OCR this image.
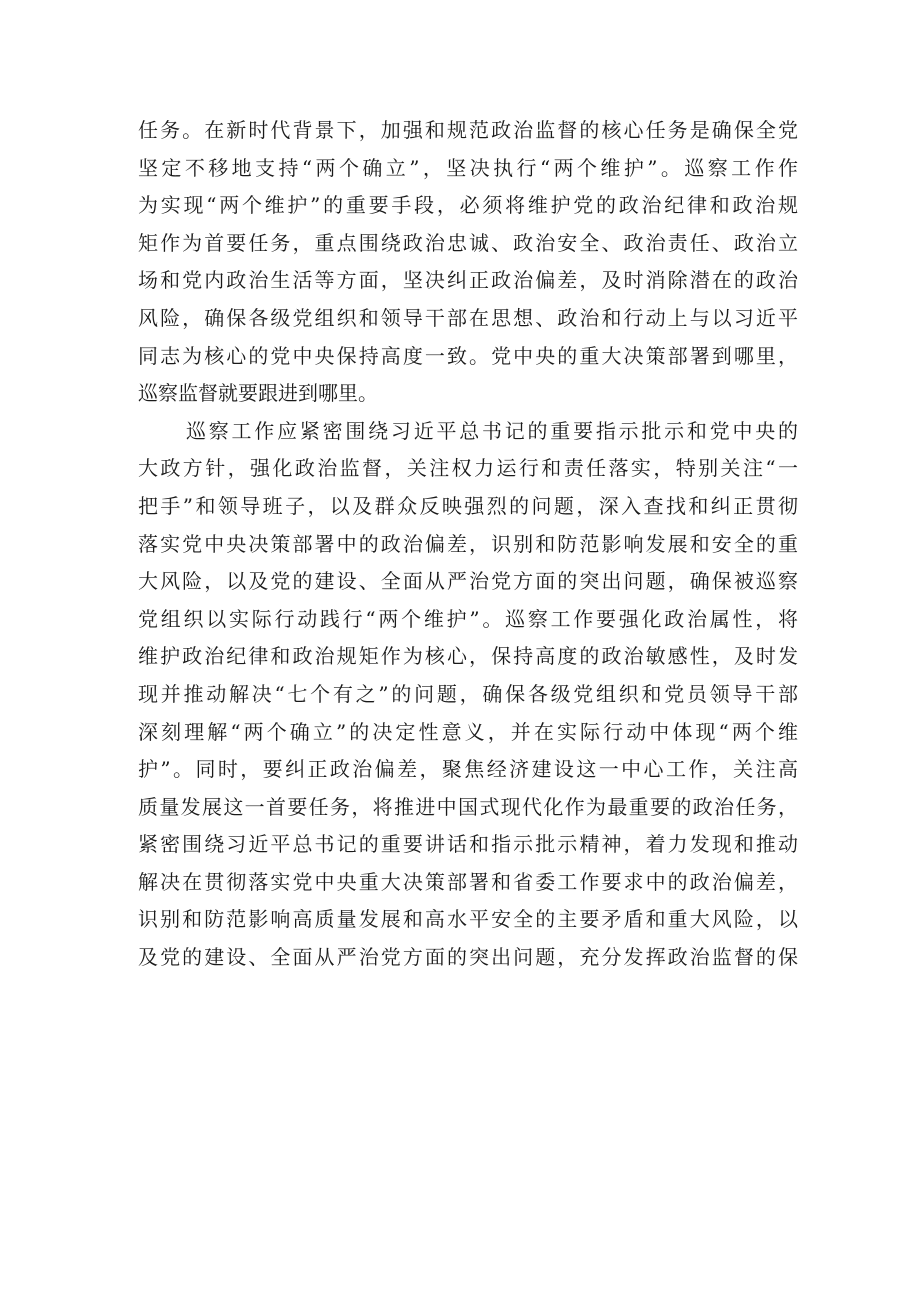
任务。在新时代背景下，加强和规范政治监督的核心任务是确保全党
坚定不移地支持“两个确立”，坚决执行“两个维护”。巡察工作作
为实现“两个维护”的重要手段，必须将维护党的政治纪律和政治规
矩作为首要任务，重点围绕政治忠诚、政治安全、政治责任、政治立
场和党内政治生活等方面，坚决纠正政治偏差，及时消除潜在的政治
风险，确保各级党组织和领导干部在思想、政治和行动上与以习近平
同志为核心的党中央保持高度一致。党中央的重大决策部署到哪里，
巡察监督就要跟进到哪里。
巡察工作应紧密围绕习近平总书记的重要指示批示和党中央的
大政方针，强化政治监督，关注权力运行和责任落实，特别关注“一
把手”和领导班子，以及群众反映强烈的问题，深入查找和纠正贯彻
落实党中央决策部署中的政治偏差，识别和防范影响发展和安全的重
大风险，以及党的建设、全面从严治党方面的突出问题，确保被巡察
党组织以实际行动践行“两个维护”。巡察工作要强化政治属性，将
维护政治纪律和政治规矩作为核心，保持高度的政治敏感性，及时发
现并推动解决“七个有之”的问题，确保各级党组织和党员领导干部
深刻理解“两个确立”的决定性意义，并在实际行动中体现“两个维
护”。同时，要纠正政治偏差，聚焦经济建设这一中心工作，关注高
质量发展这一首要任务，将推进中国式现代化作为最重要的政治任务，
紧密围绕习近平总书记的重要讲话和指示批示精神，着力发现和推动
解决在贯彻落实党中央重大决策部署和省委工作要求中的政治偏差，
识别和防范影响高质量发展和高水平安全的主要矛盾和重大风险，以
及党的建设、全面从严治党方面的突出问题，充分发挥政治监督的保
